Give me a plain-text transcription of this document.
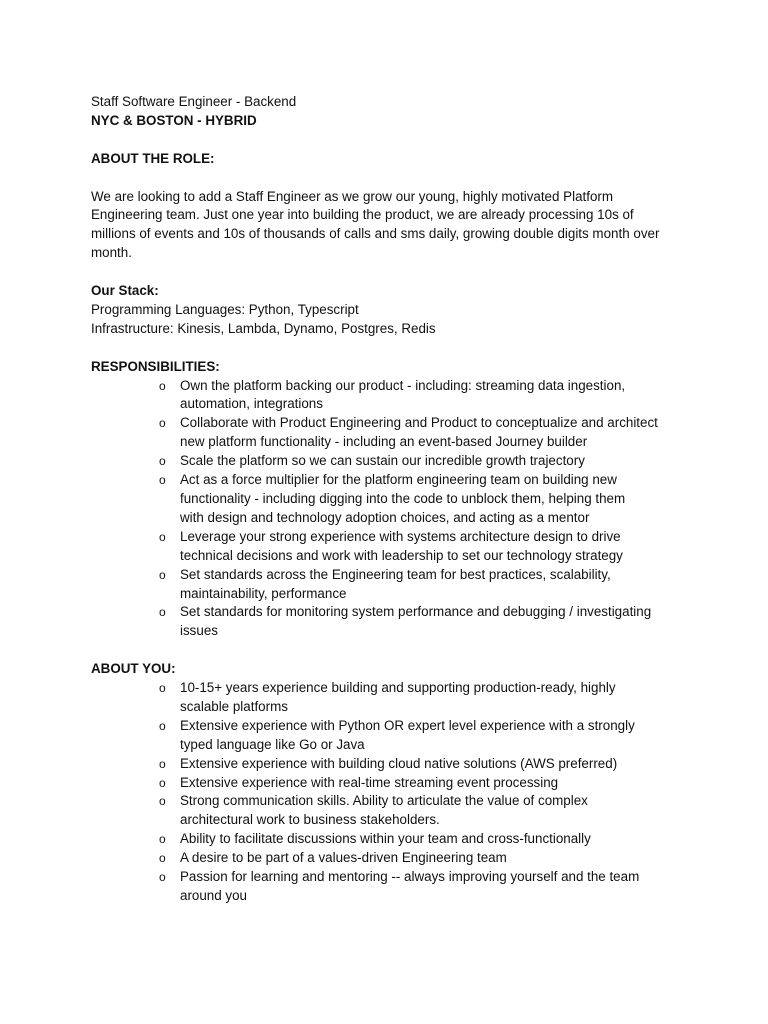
Staff Software Engineer - Backend
NYC & BOSTON - HYBRID
ABOUT THE ROLE:
We are looking to add a Staff Engineer as we grow our young, highly motivated Platform
Engineering team. Just one year into building the product, we are already processing 10s of
millions of events and 10s of thousands of calls and sms daily, growing double digits month over
month.
Our Stack:
Programming Languages: Python, Typescript
Infrastructure: Kinesis, Lambda, Dynamo, Postgres, Redis
RESPONSIBILITIES:
o Own the platform backing our product - including: streaming data ingestion,
automation, integrations
o Collaborate with Product Engineering and Product to conceptualize and architect
new platform functionality - including an event-based Journey builder
o Scale the platform so we can sustain our incredible growth trajectory
o Act as a force multiplier for the platform engineering team on building new
functionality - including digging into the code to unblock them, helping them
with design and technology adoption choices, and acting as a mentor
o Leverage your strong experience with systems architecture design to drive
technical decisions and work with leadership to set our technology strategy
o Set standards across the Engineering team for best practices, scalability,
maintainability, performance
o Set standards for monitoring system performance and debugging / investigating
issues
ABOUT YOU:
o 10-15+ years experience building and supporting production-ready, highly
scalable platforms
o Extensive experience with Python OR expert level experience with a strongly
typed language like Go or Java
o Extensive experience with building cloud native solutions (AWS preferred)
o Extensive experience with real-time streaming event processing
o Strong communication skills. Ability to articulate the value of complex
architectural work to business stakeholders.
o Ability to facilitate discussions within your team and cross-functionally
o A desire to be part of a values-driven Engineering team
o Passion for learning and mentoring -- always improving yourself and the team
around you
